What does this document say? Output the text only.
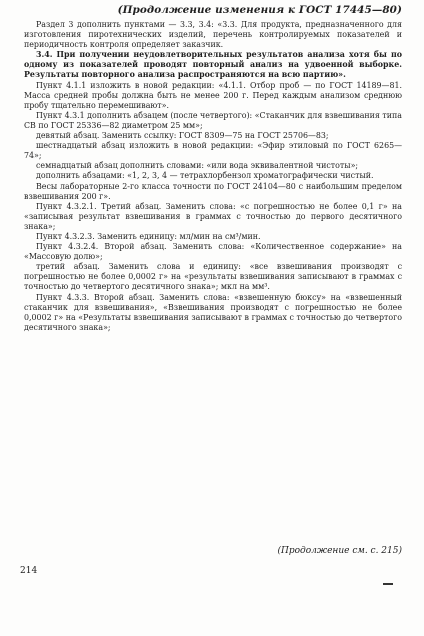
(Продолжение изменения к ГОСТ 17445—80)

Раздел 3 дополнить пунктами — 3.3, 3.4: «3.3. Для продукта, предназначенного для изготовления пиротехнических изделий, перечень контролируемых показателей и периодичность контроля определяет заказчик.

3.4. При получении неудовлетворительных результатов анализа хотя бы по одному из показателей проводят повторный анализ на удвоенной выборке. Результаты повторного анализа распространяются на всю партию».

Пункт 4.1.1 изложить в новой редакции: «4.1.1. Отбор проб — по ГОСТ 14189—81. Масса средней пробы должна быть не менее 200 г. Перед каждым анализом среднюю пробу тщательно перемешивают».

Пункт 4.3.1 дополнить абзацем (после четвертого): «Стаканчик для взвешивания типа СВ по ГОСТ 25336—82 диаметром 25 мм»;

девятый абзац. Заменить ссылку: ГОСТ 8309—75 на ГОСТ 25706—83;

шестнадцатый абзац изложить в новой редакции: «Эфир этиловый по ГОСТ 6265—74»;

семнадцатый абзац дополнить словами: «или вода эквивалентной чистоты»;

дополнить абзацами: «1, 2, 3, 4 — тетрахлорбензол хроматографически чистый.

Весы лабораторные 2-го класса точности по ГОСТ 24104—80 с наибольшим пределом взвешивания 200 г».

Пункт 4.3.2.1. Третий абзац. Заменить слова: «с погрешностью не более 0,1 г» на «записывая результат взвешивания в граммах с точностью до первого десятичного знака»;

Пункт 4.3.2.3. Заменить единицу: мл/мин на см³/мин.

Пункт 4.3.2.4. Второй абзац. Заменить слова: «Количественное содержание» на «Массовую долю»;

третий абзац. Заменить слова и единицу: «все взвешивания производят с погрешностью не более 0,0002 г» на «результаты взвешивания записывают в граммах с точностью до четвертого десятичного знака»; мкл на мм³.

Пункт 4.3.3. Второй абзац. Заменить слова: «взвешенную бюксу» на «взвешенный стаканчик для взвешивания», «Взвешивания производят с погрешностью не более 0,0002 г» на «Результаты взвешивания записывают в граммах с точностью до четвертого десятичного знака»;

(Продолжение см. с. 215)
214
